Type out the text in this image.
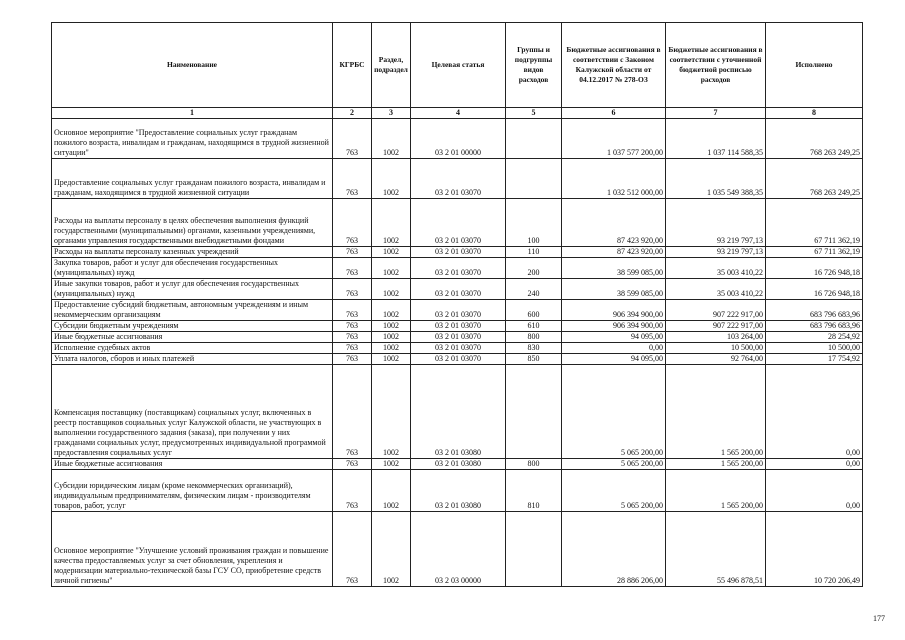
Наименование	КГРБС	Раздел, подраздел	Целевая статья	Группы и подгруппы видов расходов	Бюджетные ассигнования в соответствии с Законом Калужской области от 04.12.2017 № 278-ОЗ	Бюджетные ассигнования в соответствии с уточненной бюджетной росписью расходов	Исполнено
1	2	3	4	5	6	7	8
Основное мероприятие "Предоставление социальных услуг гражданам пожилого возраста, инвалидам и гражданам, находящимся в трудной жизненной ситуации"	763	1002	03 2 01 00000		1 037 577 200,00	1 037 114 588,35	768 263 249,25
Предоставление социальных услуг гражданам пожилого возраста, инвалидам и гражданам, находящимся в трудной жизненной ситуации	763	1002	03 2 01 03070		1 032 512 000,00	1 035 549 388,35	768 263 249,25
Расходы на выплаты персоналу в целях обеспечения выполнения функций государственными (муниципальными) органами, казенными учреждениями, органами управления государственными внебюджетными фондами	763	1002	03 2 01 03070	100	87 423 920,00	93 219 797,13	67 711 362,19
Расходы на выплаты персоналу казенных учреждений	763	1002	03 2 01 03070	110	87 423 920,00	93 219 797,13	67 711 362,19
Закупка товаров, работ и услуг для обеспечения государственных (муниципальных) нужд	763	1002	03 2 01 03070	200	38 599 085,00	35 003 410,22	16 726 948,18
Иные закупки товаров, работ и услуг для обеспечения государственных (муниципальных) нужд	763	1002	03 2 01 03070	240	38 599 085,00	35 003 410,22	16 726 948,18
Предоставление субсидий бюджетным, автономным учреждениям и иным некоммерческим организациям	763	1002	03 2 01 03070	600	906 394 900,00	907 222 917,00	683 796 683,96
Субсидии бюджетным учреждениям	763	1002	03 2 01 03070	610	906 394 900,00	907 222 917,00	683 796 683,96
Иные бюджетные ассигнования	763	1002	03 2 01 03070	800	94 095,00	103 264,00	28 254,92
Исполнение судебных актов	763	1002	03 2 01 03070	830	0,00	10 500,00	10 500,00
Уплата налогов, сборов и иных платежей	763	1002	03 2 01 03070	850	94 095,00	92 764,00	17 754,92
Компенсация поставщику (поставщикам) социальных услуг, включенных в реестр поставщиков социальных услуг Калужской области, не участвующих в выполнении государственного задания (заказа), при получении у них гражданами социальных услуг, предусмотренных индивидуальной программой предоставления социальных услуг	763	1002	03 2 01 03080		5 065 200,00	1 565 200,00	0,00
Иные бюджетные ассигнования	763	1002	03 2 01 03080	800	5 065 200,00	1 565 200,00	0,00
Субсидии юридическим лицам (кроме некоммерческих организаций), индивидуальным предпринимателям, физическим лицам - производителям товаров, работ, услуг	763	1002	03 2 01 03080	810	5 065 200,00	1 565 200,00	0,00
Основное мероприятие "Улучшение условий проживания граждан и повышение качества предоставляемых услуг за счет обновления, укрепления и модернизации материально-технической базы ГСУ СО, приобретение средств личной гигиены"	763	1002	03 2 03 00000		28 886 206,00	55 496 878,51	10 720 206,49
177
